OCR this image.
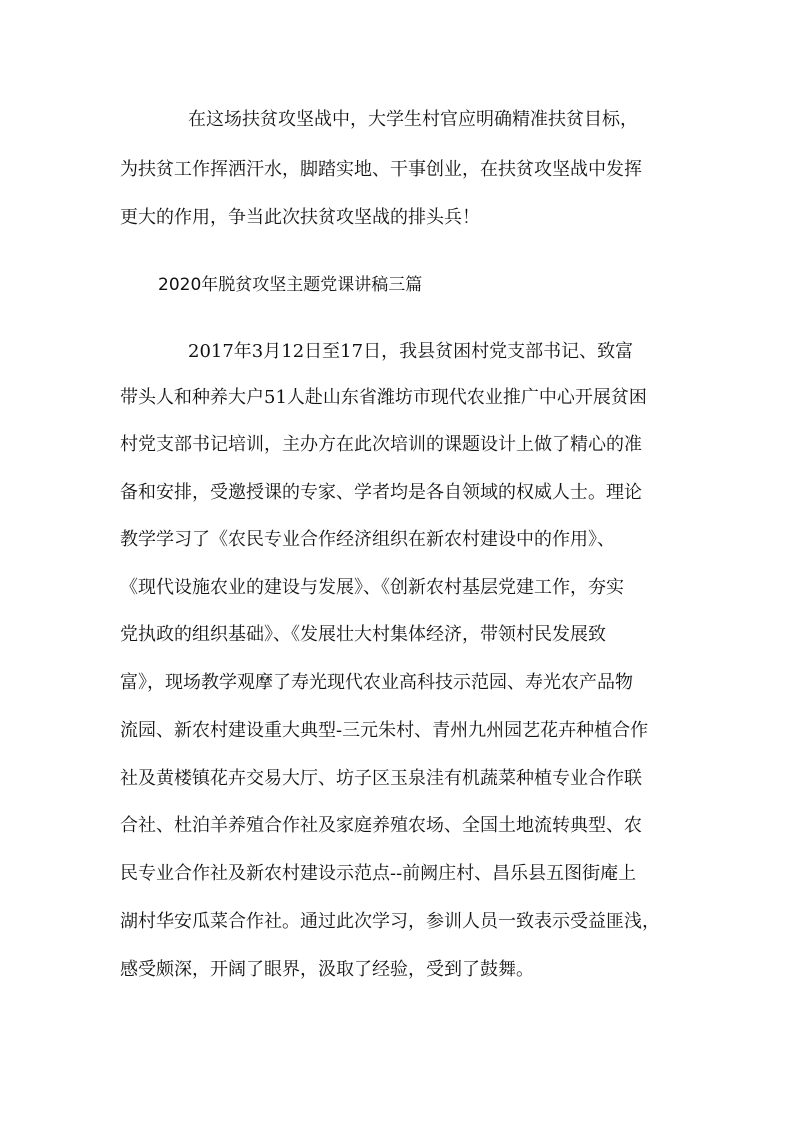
在这场扶贫攻坚战中，大学生村官应明确精准扶贫目标，
为扶贫工作挥洒汗水，脚踏实地、干事创业，在扶贫攻坚战中发挥
更大的作用，争当此次扶贫攻坚战的排头兵！
2020年脱贫攻坚主题党课讲稿三篇
2017年3月12日至17日，我县贫困村党支部书记、致富
带头人和种养大户51人赴山东省潍坊市现代农业推广中心开展贫困
村党支部书记培训，主办方在此次培训的课题设计上做了精心的准
备和安排，受邀授课的专家、学者均是各自领域的权威人士。理论
教学学习了《农民专业合作经济组织在新农村建设中的作用》、
《现代设施农业的建设与发展》、《创新农村基层党建工作，夯实
党执政的组织基础》、《发展壮大村集体经济，带领村民发展致
富》，现场教学观摩了寿光现代农业高科技示范园、寿光农产品物
流园、新农村建设重大典型-三元朱村、青州九州园艺花卉种植合作
社及黄楼镇花卉交易大厅、坊子区玉泉洼有机蔬菜种植专业合作联
合社、杜泊羊养殖合作社及家庭养殖农场、全国土地流转典型、农
民专业合作社及新农村建设示范点--前阙庄村、昌乐县五图街庵上
湖村华安瓜菜合作社。通过此次学习，参训人员一致表示受益匪浅，
感受颇深，开阔了眼界，汲取了经验，受到了鼓舞。
